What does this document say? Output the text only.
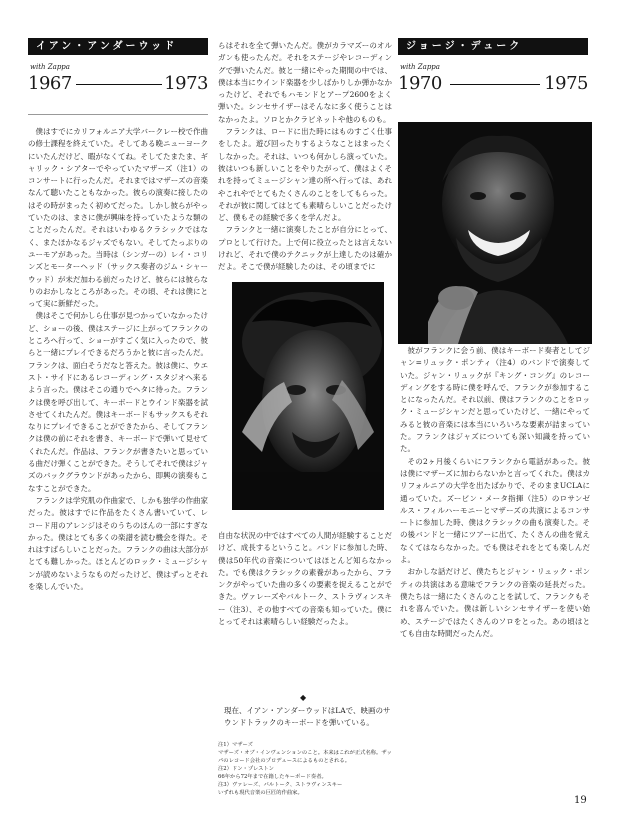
イアン・アンダーウッド
with Zappa
1967	1973
ジョージ・デューク
with Zappa
1970	1975

僕はすでにカリフォルニア大学バークレー校で作曲の修士課程を終えていた。そしてある晩ニューヨークにいたんだけど、暇がなくてね。そしてたまたま、ギャリック・シアターでやっていたマザーズ（注1）のコンサートに行ったんだ。それまではマザーズの音楽なんて聴いたこともなかった。彼らの演奏に接したのはその時がまったく初めてだった。しかし彼らがやっていたのは、まさに僕が興味を持っていたような類のことだったんだ。それはいわゆるクラシックではなく、またほかなるジャズでもない。そしてたっぷりのユーモアがあった。当時は（シンガーの）レイ・コリンズとモーターヘッド（サックス奏者のジム・シャーウッド）が未だ加わる前だったけど、彼らには彼らなりのおかしなところがあった。その頃、それは僕にとって実に新鮮だった。

僕はそこで何かしら仕事が見つかっていなかったけど、ショーの後、僕はステージに上がってフランクのところへ行って、ショーがすごく気に入ったので、彼らと一緒にプレイできるだろうかと彼に言ったんだ。フランクは、面白そうだなと答えた。彼は僕に、ウエスト・サイドにあるレコーディング・スタジオへ来るよう言った。僕はそこの通りでヘタに待った。フランクは僕を呼び出して、キーボードとウインド楽器を試させてくれたんだ。僕はキーボードもサックスもそれなりにプレイできることができたから、そしてフランクは僕の前にそれを書き、キーボードで弾いて見せてくれたんだ。作品は、フランクが書きたいと思っている曲だけ弾くことができた。そうしてそれで僕はジャズのバックグラウンドがあったから、即興の演奏もこなすことができた。

フランクは学究肌の作曲家で、しかも独学の作曲家だった。彼はすでに作品をたくさん書いていて、レコード用のアレンジはそのうちのほんの一部にすぎなかった。僕はとても多くの楽譜を読む機会を得た。それはすばらしいことだった。フランクの曲は大部分がとても難しかった。ほとんどのロック・ミュージシャンが読めないようなものだったけど、僕はずっとそれを楽しんでいた。

らはそれを全て弾いたんだ。僕がカラマズーのオルガンも使ったんだ。それをステージやレコーディングで弾いたんだ。彼と一緒にやった期間の中では、僕は本当にウインド楽器を少しばかりしか弾かなかったけど、それでもハモンドとアープ2600をよく弾いた。シンセサイザーはそんなに多く使うことはなかったよ。ソロとかクラビネットや他のものも。

フランクは、ロードに出た時にはものすごく仕事をしたよ。遊び回ったりするようなことはまったくしなかった。それは、いつも何かしら演っていた。彼はいつも新しいことをやりたがって、僕はよくそれを持ってミュージシャン達の所へ行っては、あれやこれやでとてもたくさんのことをしてもらった。それが彼に関してはとても素晴らしいことだったけど、僕もその経験で多くを学んだよ。

フランクと一緒に演奏したことが自分にとって、プロとして行けた。上で何に役立ったとは言えないけれど、それで僕のテクニックが上達したのは確かだよ。そこで僕が経験したのは、その頃までに

自由な状況の中ではすべての人間が経験することだけど、成長するということ。バンドに参加した時、僕は50年代の音楽についてはほとんど知らなかった。でも僕はクラシックの素養があったから、フランクがやっていた曲の多くの要素を捉えることができた。ヴァレーズやバルトーク、ストラヴィンスキー（注3）、その他すべての音楽も知っていた。僕にとってそれは素晴らしい経験だったよ。

◆
現在、イアン・アンダーウッドはLAで、映画のサウンドトラックのキーボードを弾いている。

注1）マザーズ

マザーズ・オブ・インヴェンションのこと。本来はこれが正式名称。ザッパのレコード会社のプロデュースによるものとされる。

注2）ドン・プレストン

66年から72年まで在籍したキーボード奏者。

注3）ヴァレーズ、バルトーク、ストラヴィンスキー

いずれも現代音楽の巨匠的作曲家。

彼がフランクに会う前、僕はキーボード奏者としてジャン=リュック・ポンティ（注4）のバンドで演奏していた。ジャン・リュックが『キング・コング』のレコーディングをする時に僕を呼んで、フランクが参加することになったんだ。それ以前、僕はフランクのことをロック・ミュージシャンだと思っていたけど、一緒にやってみると彼の音楽には本当にいろいろな要素が詰まっていた。フランクはジャズについても深い知識を持っていた。

その2ヶ月後くらいにフランクから電話があった。彼は僕にマザーズに加わらないかと言ってくれた。僕はカリフォルニアの大学を出たばかりで、そのままUCLAに通っていた。ズービン・メータ指揮（注5）のロサンゼルス・フィルハーモニーとマザーズの共演によるコンサートに参加した時、僕はクラシックの曲も演奏した。その後バンドと一緒にツアーに出て、たくさんの曲を覚えなくてはならなかった。でも僕はそれをとても楽しんだよ。

おかしな話だけど、僕たちとジャン・リュック・ポンティの共演はある意味でフランクの音楽の延長だった。僕たちは一緒にたくさんのことを試して、フランクもそれを喜んでいた。僕は新しいシンセサイザーを使い始め、ステージではたくさんのソロをとった。あの頃はとても自由な時間だったんだ。

19
